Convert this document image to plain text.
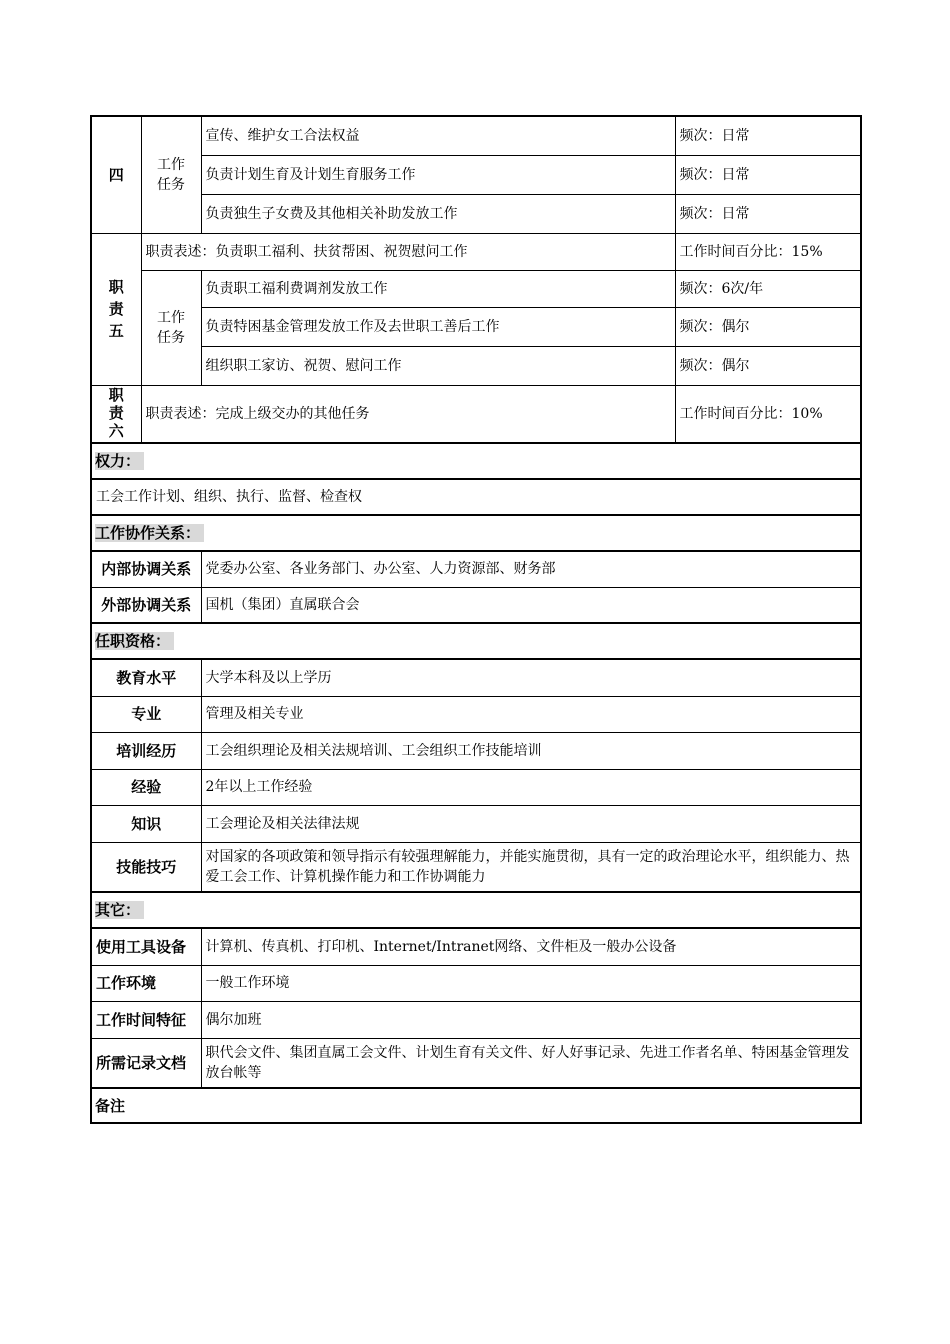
四	工作任务	宣传、维护女工合法权益	频次：日常
		负责计划生育及计划生育服务工作	频次：日常
		负责独生子女费及其他相关补助发放工作	频次：日常
职责五	职责表述：负责职工福利、扶贫帮困、祝贺慰问工作		工作时间百分比：15%
	工作任务	负责职工福利费调剂发放工作	频次：6次/年
		负责特困基金管理发放工作及去世职工善后工作	频次：偶尔
		组织职工家访、祝贺、慰问工作	频次：偶尔
职责六	职责表述：完成上级交办的其他任务		工作时间百分比：10%
权力：			
工会工作计划、组织、执行、监督、检查权			
工作协作关系：			
内部协调关系		党委办公室、各业务部门、办公室、人力资源部、财务部	
外部协调关系		国机（集团）直属联合会	
任职资格：			
教育水平		大学本科及以上学历	
专业		管理及相关专业	
培训经历		工会组织理论及相关法规培训、工会组织工作技能培训	
经验		2年以上工作经验	
知识		工会理论及相关法律法规	
技能技巧		对国家的各项政策和领导指示有较强理解能力，并能实施贯彻，具有一定的政治理论水平，组织能力、热爱工会工作、计算机操作能力和工作协调能力	
其它：			
使用工具设备		计算机、传真机、打印机、Internet/Intranet网络、文件柜及一般办公设备	
工作环境		一般工作环境	
工作时间特征		偶尔加班	
所需记录文档		职代会文件、集团直属工会文件、计划生育有关文件、好人好事记录、先进工作者名单、特困基金管理发放台帐等	
备注			
